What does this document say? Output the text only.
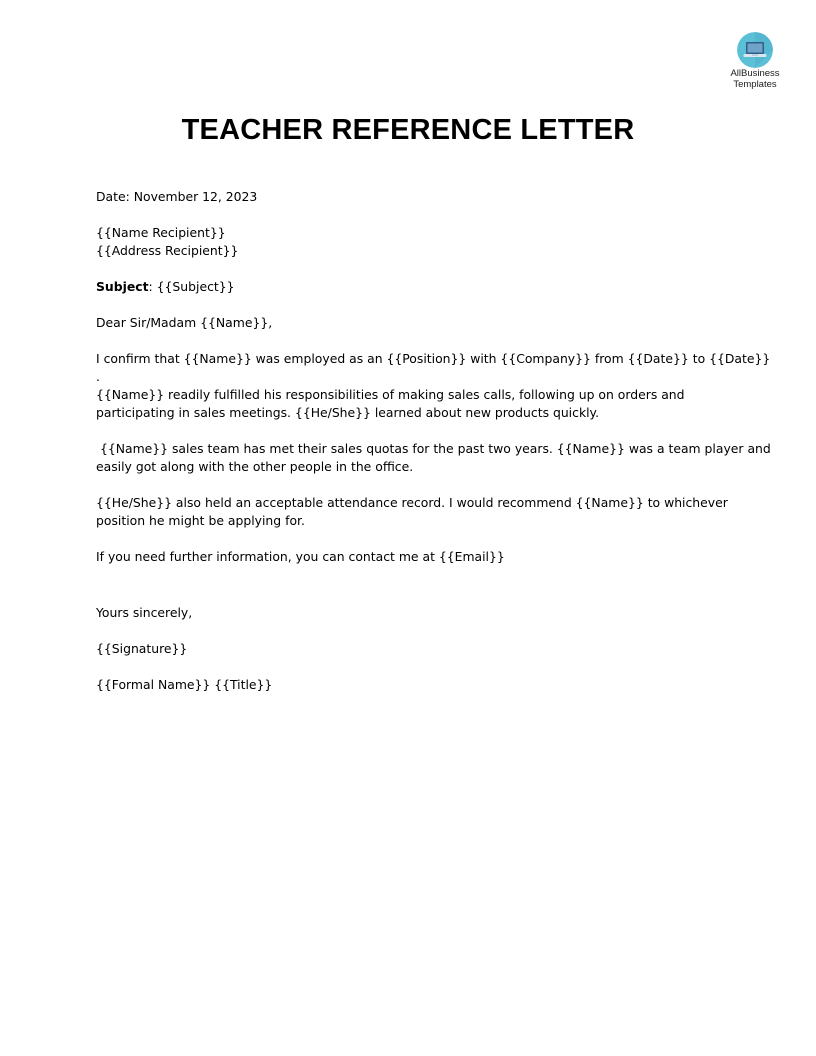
AllBusiness
Templates
TEACHER REFERENCE LETTER
Date: November 12, 2023
{{Name Recipient}}
{{Address Recipient}}
Subject: {{Subject}}
Dear Sir/Madam {{Name}},
I confirm that {{Name}} was employed as an {{Position}} with {{Company}} from {{Date}} to {{Date}}
.
{{Name}} readily fulfilled his responsibilities of making sales calls, following up on orders and
participating in sales meetings. {{He/She}} learned about new products quickly.
{{Name}} sales team has met their sales quotas for the past two years. {{Name}} was a team player and
easily got along with the other people in the office.
{{He/She}} also held an acceptable attendance record. I would recommend {{Name}} to whichever
position he might be applying for.
If you need further information, you can contact me at {{Email}}
Yours sincerely,
{{Signature}}
{{Formal Name}} {{Title}}
